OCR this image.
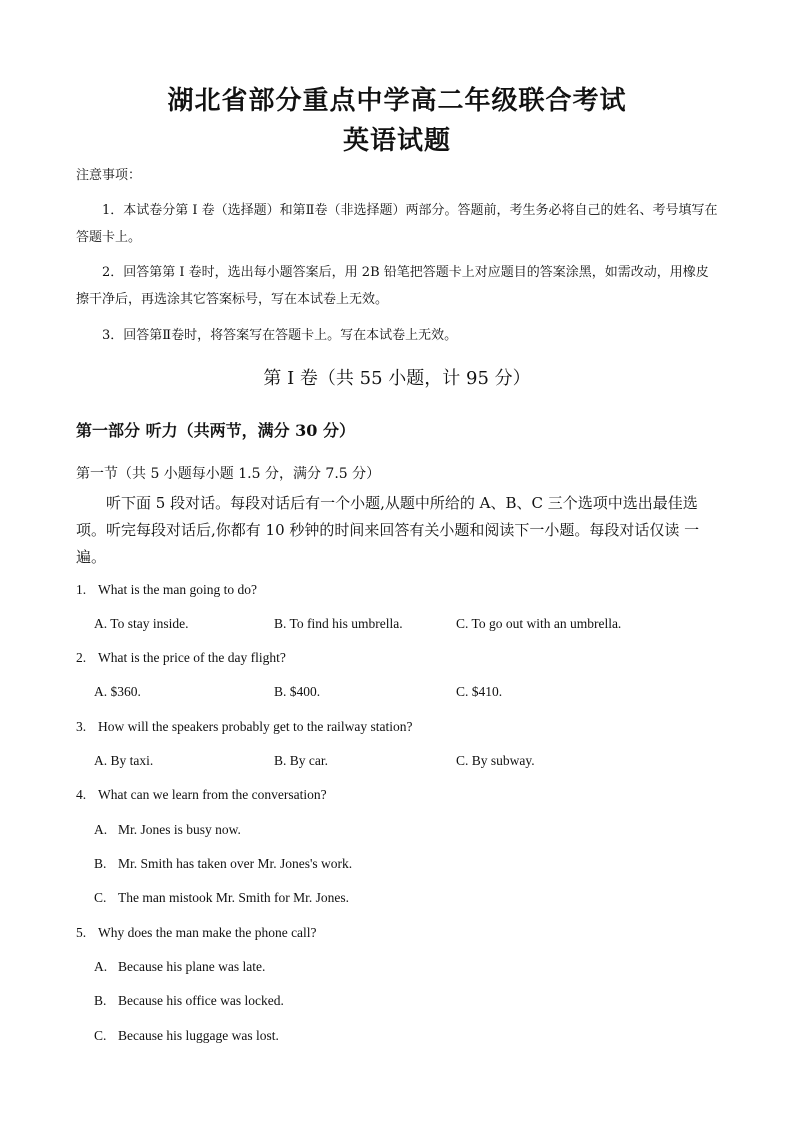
湖北省部分重点中学高二年级联合考试
英语试题
注意事项：
1．本试卷分第 I 卷（选择题）和第Ⅱ卷（非选择题）两部分。答题前，考生务必将自己的姓名、考号填写在答题卡上。
2．回答第第 I 卷时，选出每小题答案后，用 2B 铅笔把答题卡上对应题目的答案涂黑，如需改动，用橡皮擦干净后，再选涂其它答案标号，写在本试卷上无效。
3．回答第Ⅱ卷时，将答案写在答题卡上。写在本试卷上无效。
第 I 卷（共 55 小题，计 95 分）
第一部分 听力（共两节，满分 30 分）
第一节（共 5 小题每小题 1.5 分，满分 7.5 分）
听下面 5 段对话。每段对话后有一个小题,从题中所给的 A、B、C 三个选项中选出最佳选项。听完每段对话后,你都有 10 秒钟的时间来回答有关小题和阅读下一小题。每段对话仅读 一遍。
1. What is the man going to do?
A. To stay inside.	B. To find his umbrella.	C. To go out with an umbrella.
2. What is the price of the day flight?
A. $360.	B. $400.	C. $410.
3. How will the speakers probably get to the railway station?
A. By taxi.	B. By car.	C. By subway.
4. What can we learn from the conversation?
A. Mr. Jones is busy now.
B. Mr. Smith has taken over Mr. Jones's work.
C. The man mistook Mr. Smith for Mr. Jones.
5. Why does the man make the phone call?
A. Because his plane was late.
B. Because his office was locked.
C. Because his luggage was lost.
